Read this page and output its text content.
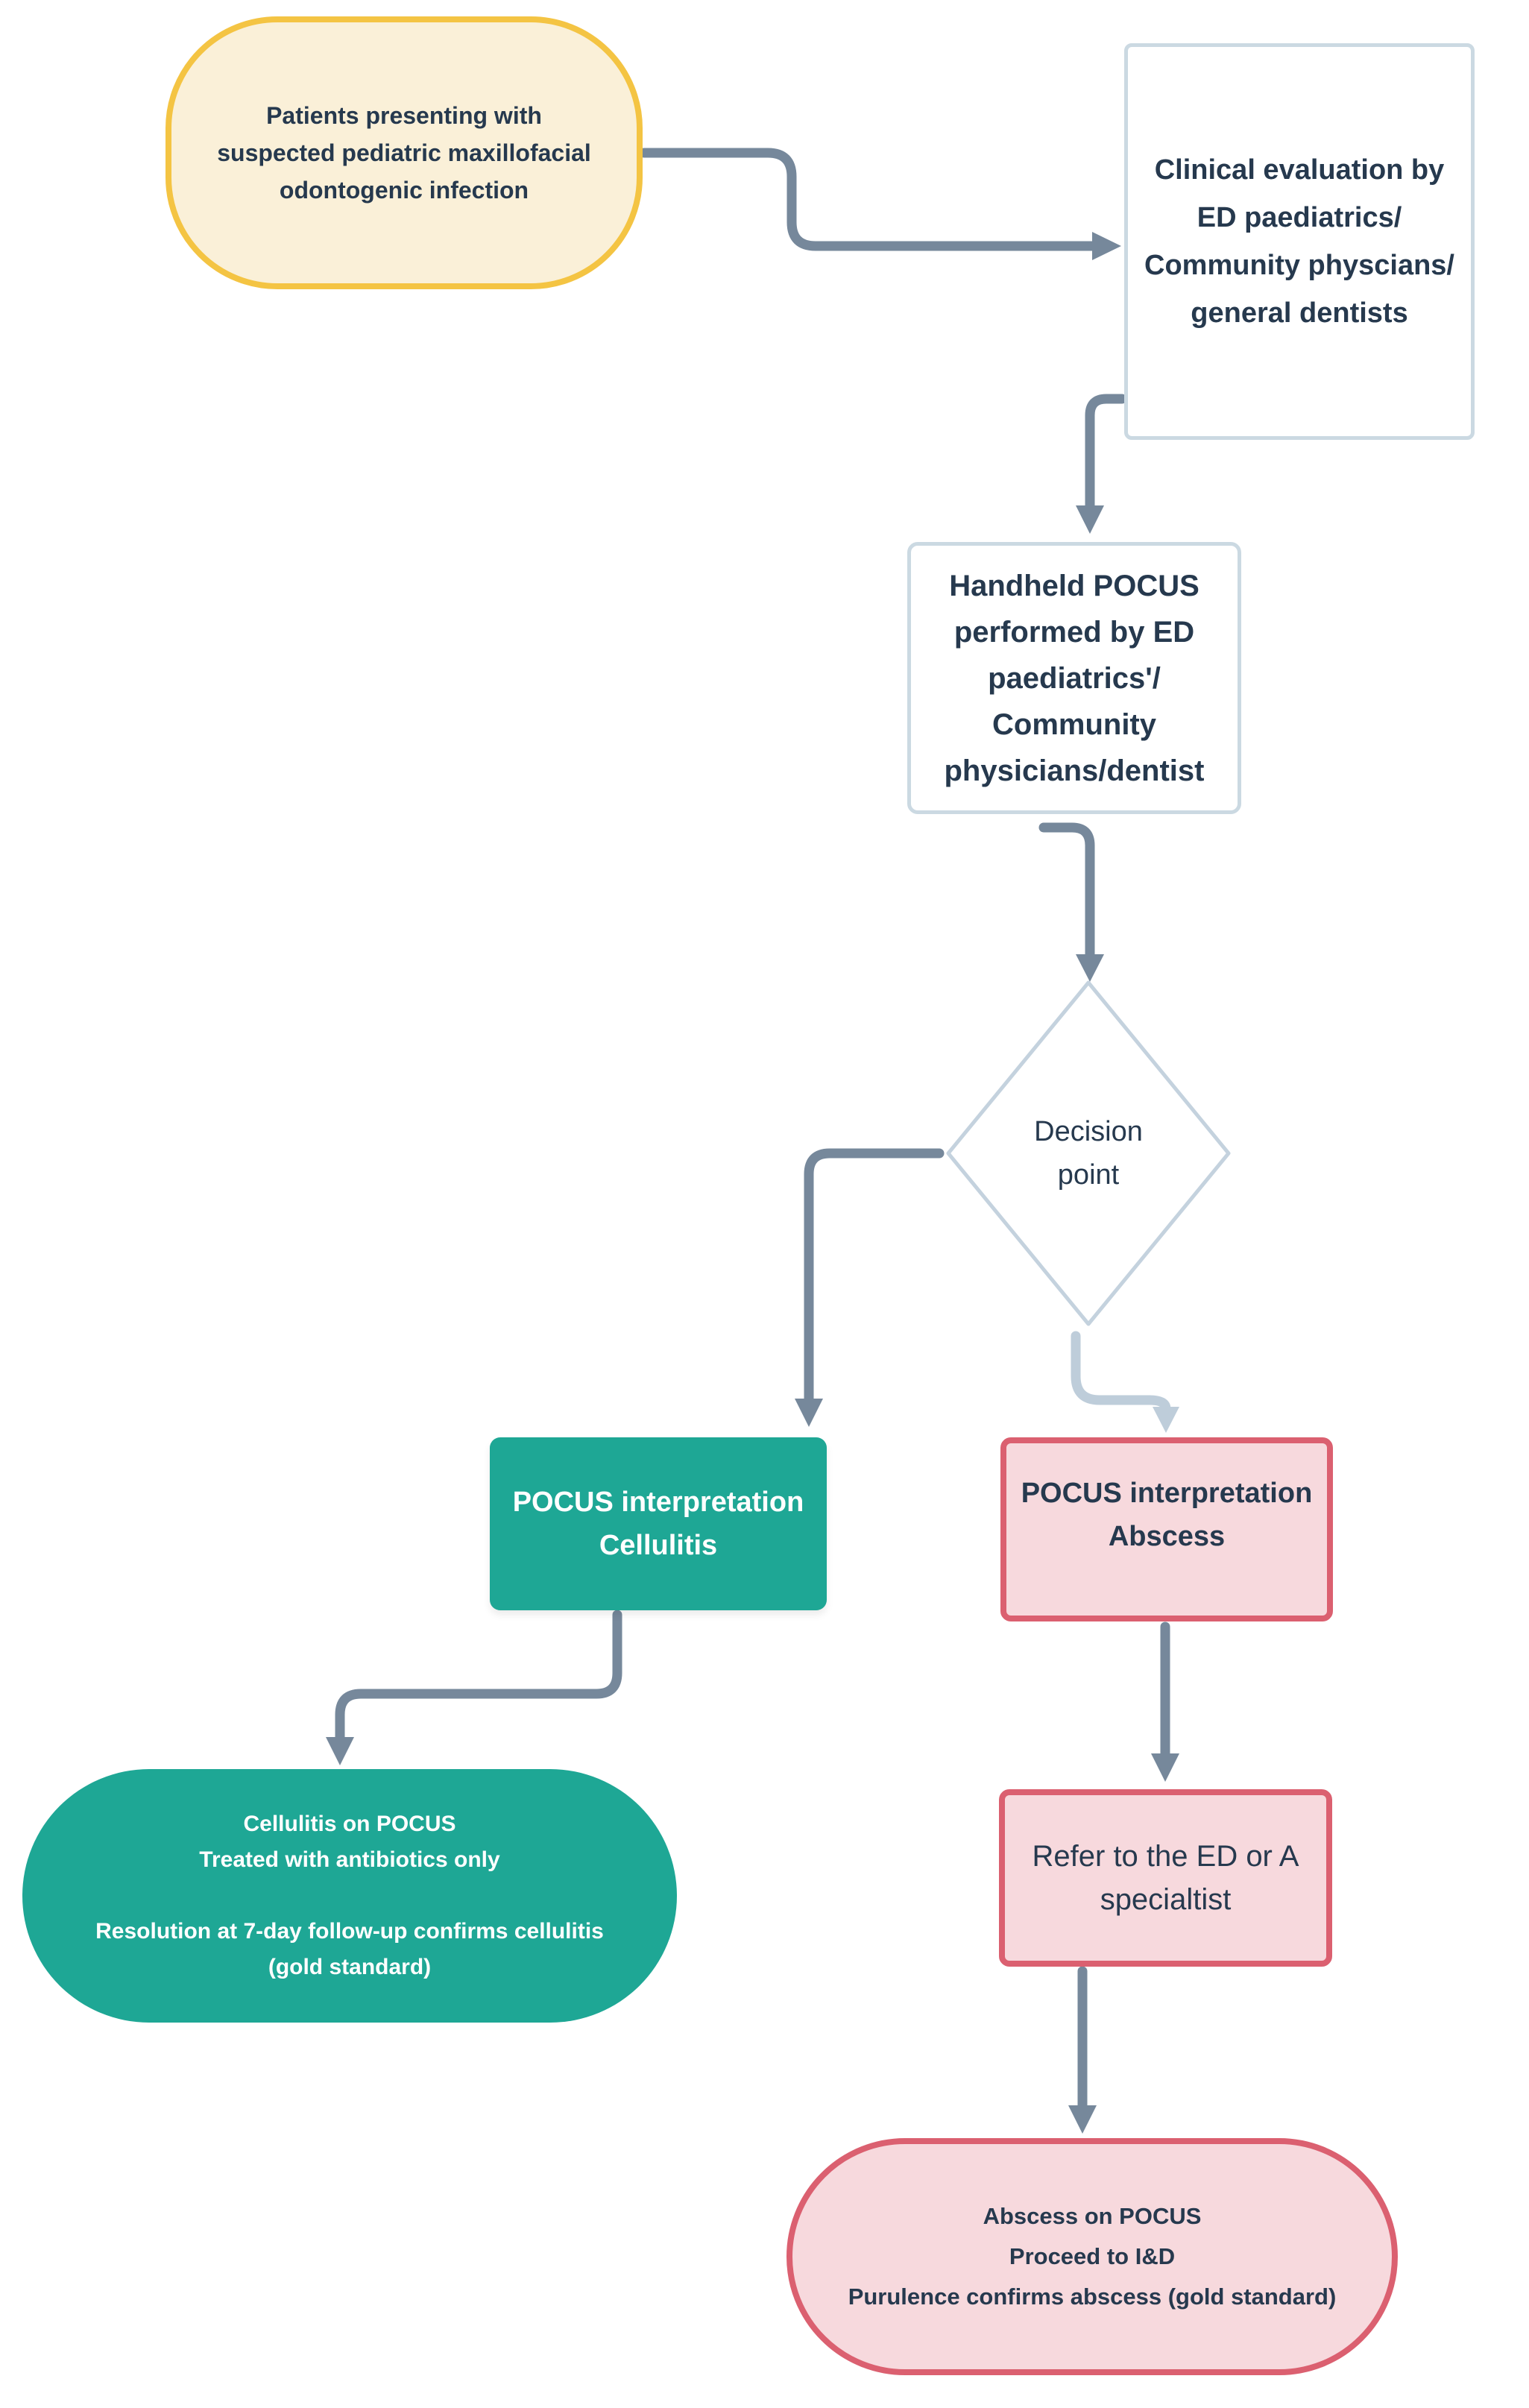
Patients presenting with
suspected pediatric maxillofacial
odontogenic infection
Clinical evaluation by
ED paediatrics/
Community physcians/
general dentists
Handheld POCUS
performed by ED
paediatrics'/
Community
physicians/dentist
Decision
point
POCUS interpretation
Cellulitis
POCUS interpretation
Abscess
Cellulitis on POCUS
Treated with antibiotics only

Resolution at 7-day follow-up confirms cellulitis
(gold standard)
Refer to the ED or A
specialtist
Abscess on POCUS
Proceed to I&D
Purulence confirms abscess (gold standard)
